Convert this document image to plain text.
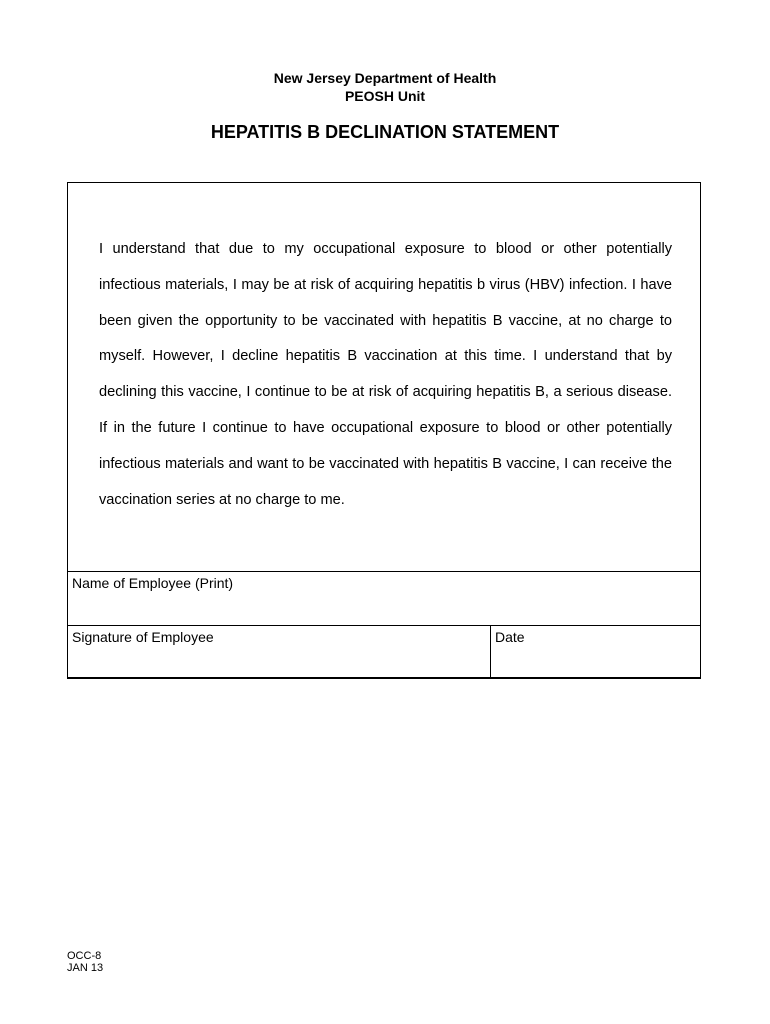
New Jersey Department of Health
PEOSH Unit
HEPATITIS B DECLINATION STATEMENT

I understand that due to my occupational exposure to blood or other potentially infectious materials, I may be at risk of acquiring hepatitis b virus (HBV) infection. I have been given the opportunity to be vaccinated with hepatitis B vaccine, at no charge to myself. However, I decline hepatitis B vaccination at this time. I understand that by declining this vaccine, I continue to be at risk of acquiring hepatitis B, a serious disease. If in the future I continue to have occupational exposure to blood or other potentially infectious materials and want to be vaccinated with hepatitis B vaccine, I can receive the vaccination series at no charge to me.

Name of Employee (Print)
Signature of Employee	Date
OCC-8
JAN 13
